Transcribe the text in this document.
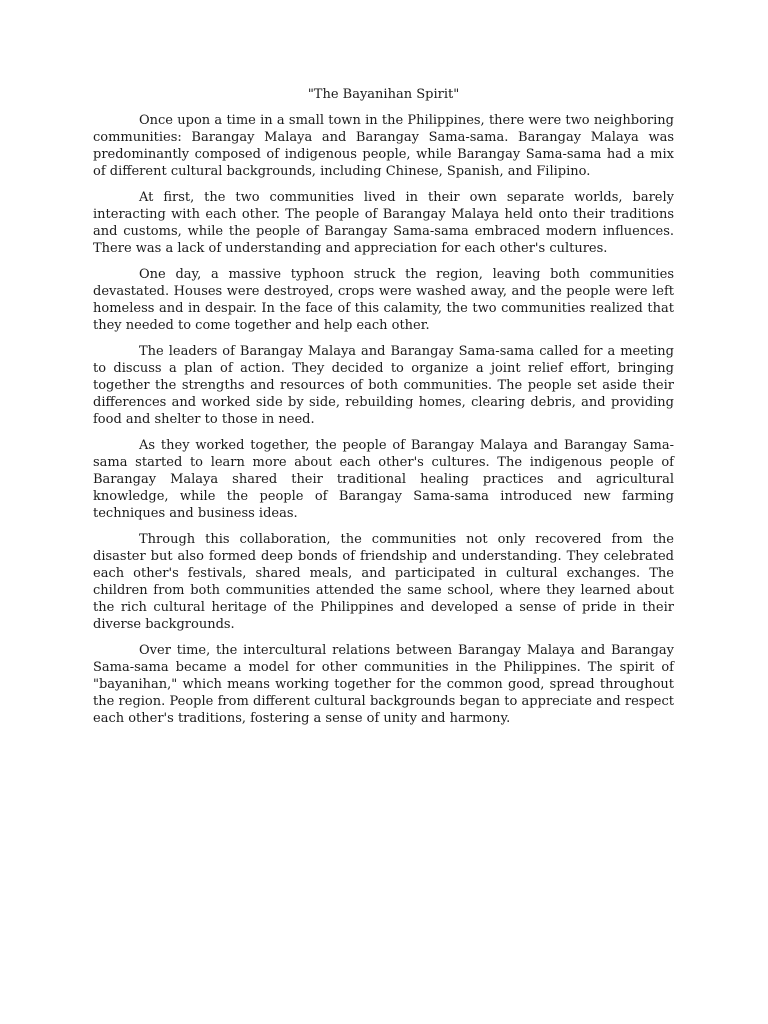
"The Bayanihan Spirit"

Once upon a time in a small town in the Philippines, there were two neighboring communities: Barangay Malaya and Barangay Sama-sama. Barangay Malaya was predominantly composed of indigenous people, while Barangay Sama-sama had a mix of different cultural backgrounds, including Chinese, Spanish, and Filipino.

At first, the two communities lived in their own separate worlds, barely interacting with each other. The people of Barangay Malaya held onto their traditions and customs, while the people of Barangay Sama-sama embraced modern influences. There was a lack of understanding and appreciation for each other's cultures.

One day, a massive typhoon struck the region, leaving both communities devastated. Houses were destroyed, crops were washed away, and the people were left homeless and in despair. In the face of this calamity, the two communities realized that they needed to come together and help each other.

The leaders of Barangay Malaya and Barangay Sama-sama called for a meeting to discuss a plan of action. They decided to organize a joint relief effort, bringing together the strengths and resources of both communities. The people set aside their differences and worked side by side, rebuilding homes, clearing debris, and providing food and shelter to those in need.

As they worked together, the people of Barangay Malaya and Barangay Sama-sama started to learn more about each other's cultures. The indigenous people of Barangay Malaya shared their traditional healing practices and agricultural knowledge, while the people of Barangay Sama-sama introduced new farming techniques and business ideas.

Through this collaboration, the communities not only recovered from the disaster but also formed deep bonds of friendship and understanding. They celebrated each other's festivals, shared meals, and participated in cultural exchanges. The children from both communities attended the same school, where they learned about the rich cultural heritage of the Philippines and developed a sense of pride in their diverse backgrounds.

Over time, the intercultural relations between Barangay Malaya and Barangay Sama-sama became a model for other communities in the Philippines. The spirit of "bayanihan," which means working together for the common good, spread throughout the region. People from different cultural backgrounds began to appreciate and respect each other's traditions, fostering a sense of unity and harmony.
